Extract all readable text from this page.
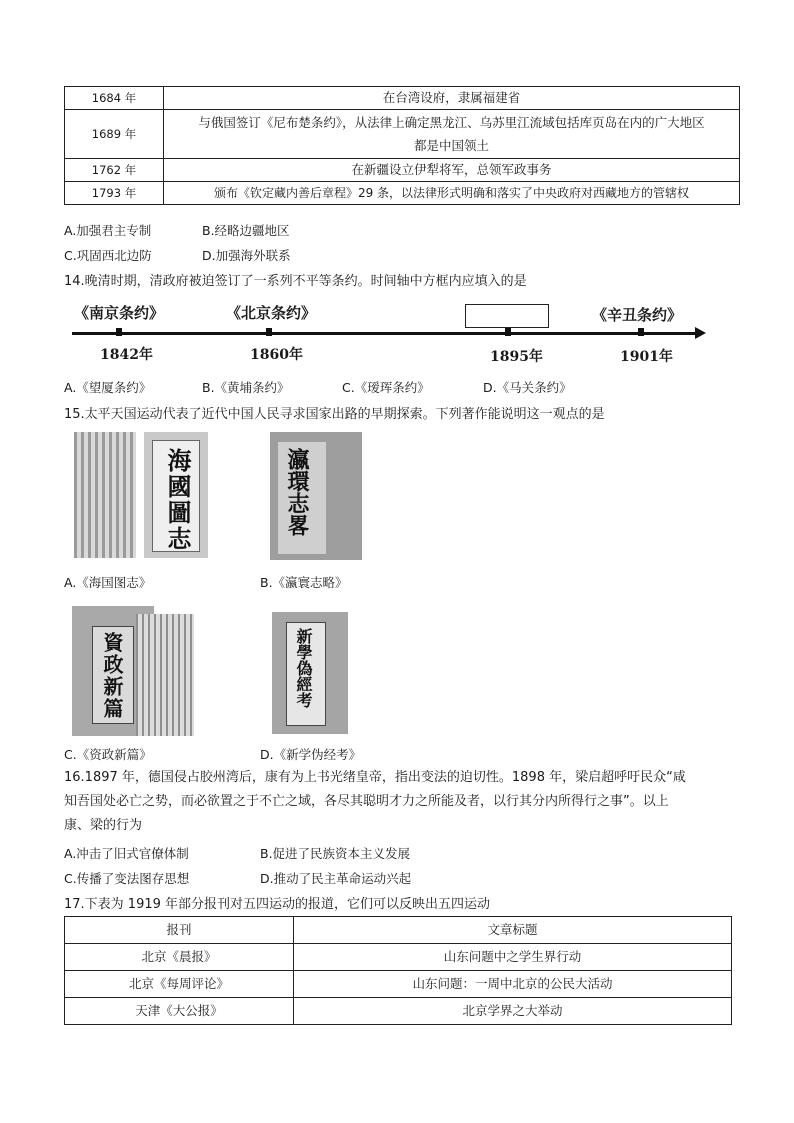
1684 年	在台湾设府，隶属福建省
1689 年	与俄国签订《尼布楚条约》，从法律上确定黑龙江、乌苏里江流域包括库页岛在内的广大地区都是中国领土
1762 年	在新疆设立伊犁将军，总领军政事务
1793 年	颁布《钦定藏内善后章程》29 条，以法律形式明确和落实了中央政府对西藏地方的管辖权
A.加强君主专制	B.经略边疆地区
C.巩固西北边防	D.加强海外联系
14.晚清时期，清政府被迫签订了一系列不平等条约。时间轴中方框内应填入的是
《南京条约》	《北京条约》	《辛丑条约》
1842年	1860年	1895年	1901年
A.《望厦条约》	B.《黄埔条约》	C.《瑷珲条约》	D.《马关条约》
15.太平天国运动代表了近代中国人民寻求国家出路的早期探索。下列著作能说明这一观点的是
海國圖志
A.《海国图志》
瀛環志畧
B.《瀛寰志略》
資政新篇
C.《资政新篇》
新學偽經考
D.《新学伪经考》
16.1897 年，德国侵占胶州湾后，康有为上书光绪皇帝，指出变法的迫切性。1898 年，梁启超呼吁民众“咸
知吾国处必亡之势，而必欲置之于不亡之域，各尽其聪明才力之所能及者，以行其分内所得行之事”。以上
康、梁的行为
A.冲击了旧式官僚体制	B.促进了民族资本主义发展
C.传播了变法图存思想	D.推动了民主革命运动兴起
17.下表为 1919 年部分报刊对五四运动的报道，它们可以反映出五四运动
报刊	文章标题
北京《晨报》	山东问题中之学生界行动
北京《每周评论》	山东问题：一周中北京的公民大活动
天津《大公报》	北京学界之大举动
